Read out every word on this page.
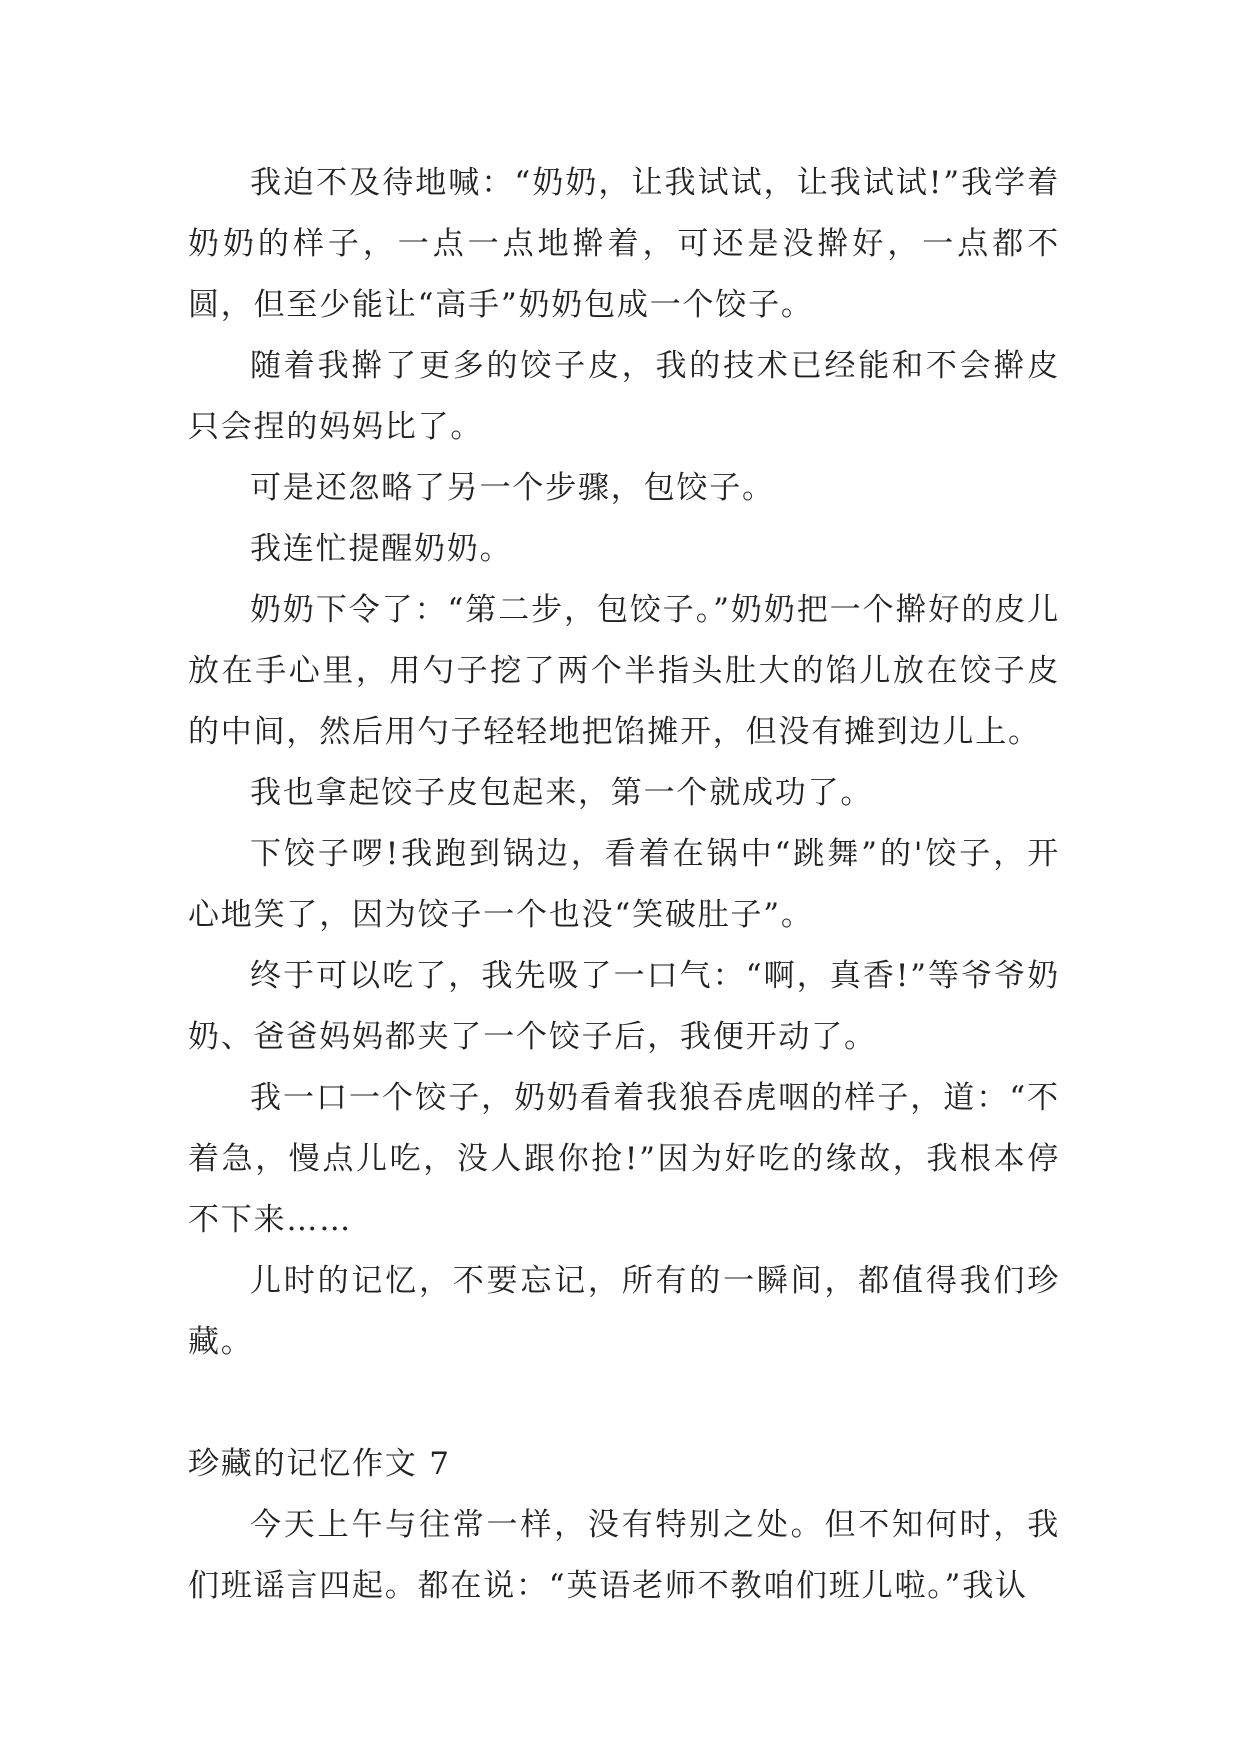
我迫不及待地喊：“奶奶，让我试试，让我试试!”我学着奶奶的样子，一点一点地擀着，可还是没擀好，一点都不圆，但至少能让“高手”奶奶包成一个饺子。

随着我擀了更多的饺子皮，我的技术已经能和不会擀皮只会捏的妈妈比了。

可是还忽略了另一个步骤，包饺子。

我连忙提醒奶奶。

奶奶下令了：“第二步，包饺子。”奶奶把一个擀好的皮儿放在手心里，用勺子挖了两个半指头肚大的馅儿放在饺子皮的中间，然后用勺子轻轻地把馅摊开，但没有摊到边儿上。

我也拿起饺子皮包起来，第一个就成功了。

下饺子啰!我跑到锅边，看着在锅中“跳舞”的'饺子，开心地笑了，因为饺子一个也没“笑破肚子”。

终于可以吃了，我先吸了一口气：“啊，真香!”等爷爷奶奶、爸爸妈妈都夹了一个饺子后，我便开动了。

我一口一个饺子，奶奶看着我狼吞虎咽的样子，道：“不着急，慢点儿吃，没人跟你抢!”因为好吃的缘故，我根本停不下来……

儿时的记忆，不要忘记，所有的一瞬间，都值得我们珍藏。

珍藏的记忆作文 7

今天上午与往常一样，没有特别之处。但不知何时，我们班谣言四起。都在说：“英语老师不教咱们班儿啦。”我认
